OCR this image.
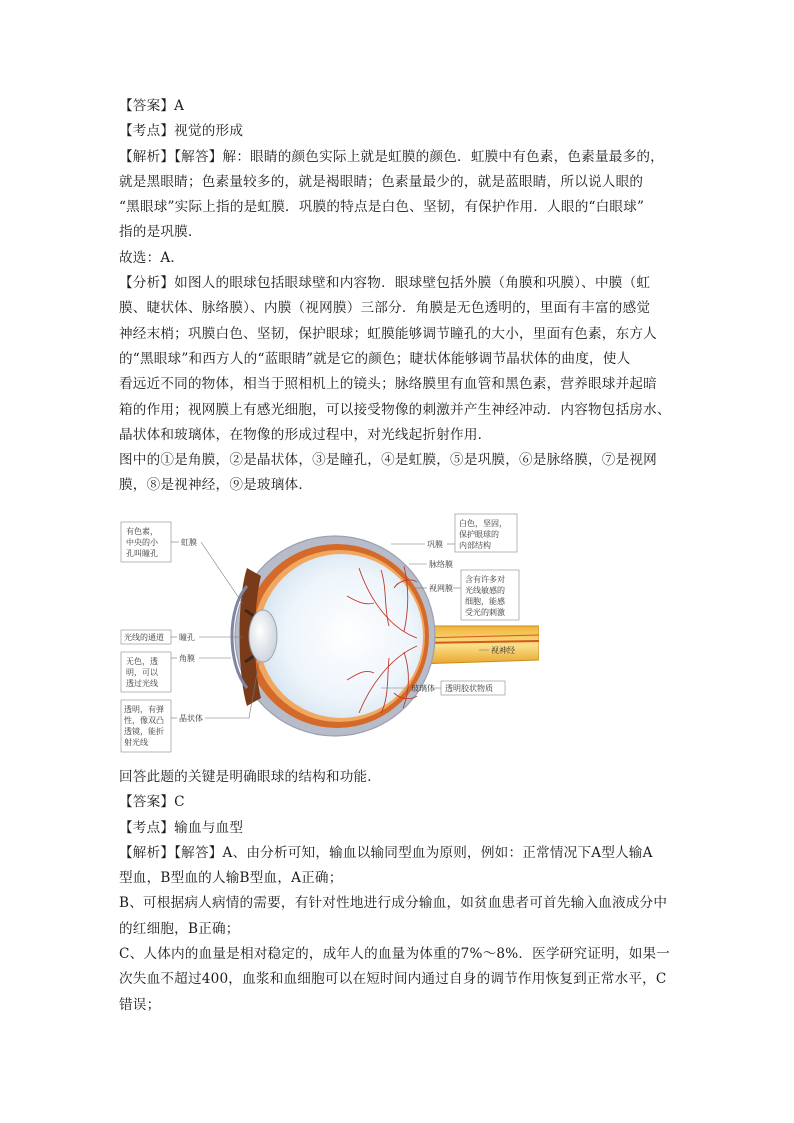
【答案】A
【考点】视觉的形成
【解析】【解答】解：眼睛的颜色实际上就是虹膜的颜色．虹膜中有色素，色素量最多的，
就是黑眼睛；色素量较多的，就是褐眼睛；色素量最少的，就是蓝眼睛，所以说人眼的
“黑眼球”实际上指的是虹膜．巩膜的特点是白色、坚韧，有保护作用．人眼的“白眼球”
指的是巩膜．
故选：A．
【分析】如图人的眼球包括眼球壁和内容物．眼球壁包括外膜（角膜和巩膜）、中膜（虹
膜、睫状体、脉络膜）、内膜（视网膜）三部分．角膜是无色透明的，里面有丰富的感觉
神经末梢；巩膜白色、坚韧，保护眼球；虹膜能够调节瞳孔的大小，里面有色素，东方人
的“黑眼球”和西方人的“蓝眼睛”就是它的颜色；睫状体能够调节晶状体的曲度，使人
看远近不同的物体，相当于照相机上的镜头；脉络膜里有血管和黑色素，营养眼球并起暗
箱的作用；视网膜上有感光细胞，可以接受物像的刺激并产生神经冲动．内容物包括房水、
晶状体和玻璃体，在物像的形成过程中，对光线起折射作用．
图中的①是角膜，②是晶状体，③是瞳孔，④是虹膜，⑤是巩膜，⑥是脉络膜，⑦是视网
膜，⑧是视神经，⑨是玻璃体．
有色素，
中央的小
孔叫瞳孔
虹膜
光线的通道 瞳孔
无色，透
明，可以
透过光线
角膜
透明，有弹
性，像双凸
透镜，能折
射光线
晶状体
巩膜
白色，坚固，
保护眼球的
内部结构
脉络膜
视网膜
含有许多对
光线敏感的
细胞，能感
受光的刺激
视神经
玻璃体 透明胶状物质
回答此题的关键是明确眼球的结构和功能．
【答案】C
【考点】输血与血型
【解析】【解答】A、由分析可知，输血以输同型血为原则，例如：正常情况下A型人输A
型血，B型血的人输B型血，A正确；
B、可根据病人病情的需要，有针对性地进行成分输血，如贫血患者可首先输入血液成分中
的红细胞，B正确；
C、人体内的血量是相对稳定的，成年人的血量为体重的7%～8%．医学研究证明，如果一
次失血不超过400，血浆和血细胞可以在短时间内通过自身的调节作用恢复到正常水平，C
错误；
